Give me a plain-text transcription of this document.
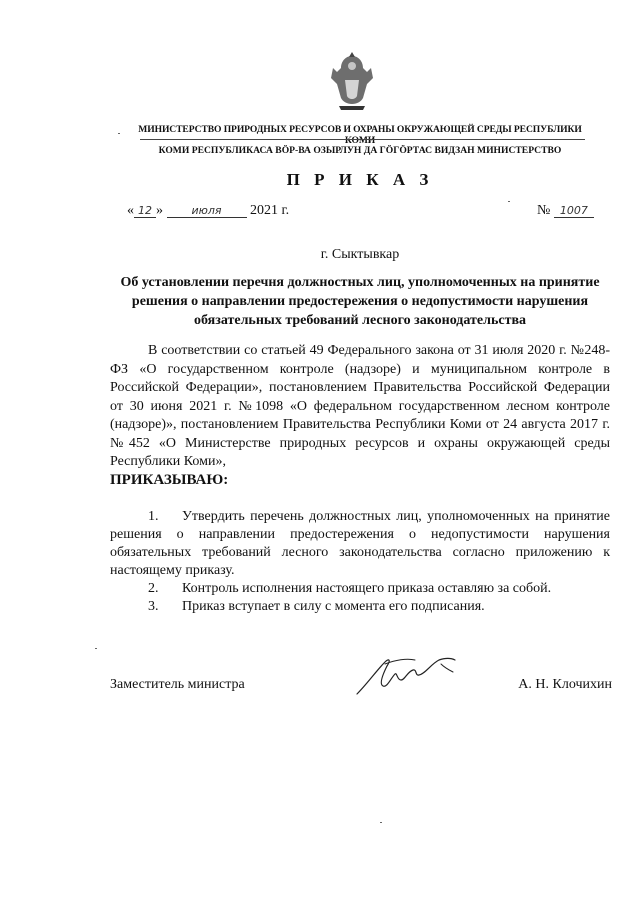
МИНИСТЕРСТВО ПРИРОДНЫХ РЕСУРСОВ И ОХРАНЫ ОКРУЖАЮЩЕЙ СРЕДЫ РЕСПУБЛИКИ КОМИ
КОМИ РЕСПУБЛИКАСА ВӦР-ВА ОЗЫРЛУН ДА ГӦГӦРТАС ВИДЗАН МИНИСТЕРСТВО
П Р И К А З
« 12 »	июля 2021 г.	№ 1007
г. Сыктывкар
Об установлении перечня должностных лиц, уполномоченных на принятие решения о направлении предостережения о недопустимости нарушения обязательных требований лесного законодательства
В соответствии со статьей 49 Федерального закона от 31 июля 2020 г. №248-ФЗ «О государственном контроле (надзоре) и муниципальном контроле в Российской Федерации», постановлением Правительства Российской Федерации от 30 июня 2021 г. №1098 «О федеральном государственном лесном контроле (надзоре)», постановлением Правительства Республики Коми от 24 августа 2017 г. №452 «О Министерстве природных ресурсов и охраны окружающей среды Республики Коми»,
ПРИКАЗЫВАЮ:
1. Утвердить перечень должностных лиц, уполномоченных на принятие решения о направлении предостережения о недопустимости нарушения обязательных требований лесного законодательства согласно приложению к настоящему приказу.
2. Контроль исполнения настоящего приказа оставляю за собой.
3. Приказ вступает в силу с момента его подписания.
Заместитель министра	А. Н. Клочихин
